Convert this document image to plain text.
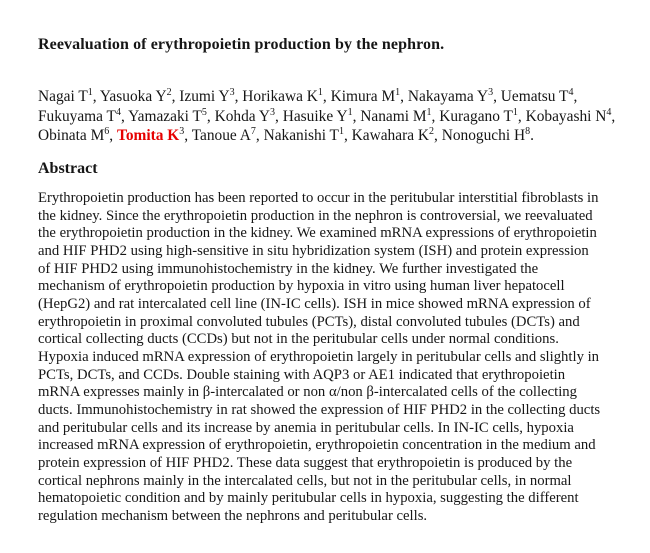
Reevaluation of erythropoietin production by the nephron.
Nagai $T^1$, Yasuoka $Y^2$, Izumi $Y^3$, Horikawa $K^1$, Kimura $M^1$, Nakayama $Y^3$, Uematsu $T^4$,
Fukuyama $T^4$, Yamazaki $T^5$, Kohda $Y^3$, Hasuike $Y^1$, Nanami $M^1$, Kuragano $T^1$, Kobayashi $N^4$,
Obinata $M^6$, Tomita $K^3$, Tanoue $A^7$, Nakanishi $T^1$, Kawahara $K^2$, Nonoguchi $H^8$.
Abstract
Erythropoietin production has been reported to occur in the peritubular interstitial fibroblasts in
the kidney. Since the erythropoietin production in the nephron is controversial, we reevaluated
the erythropoietin production in the kidney. We examined mRNA expressions of erythropoietin
and HIF PHD2 using high-sensitive in situ hybridization system (ISH) and protein expression
of HIF PHD2 using immunohistochemistry in the kidney. We further investigated the
mechanism of erythropoietin production by hypoxia in vitro using human liver hepatocell
(HepG2) and rat intercalated cell line (IN-IC cells). ISH in mice showed mRNA expression of
erythropoietin in proximal convoluted tubules (PCTs), distal convoluted tubules (DCTs) and
cortical collecting ducts (CCDs) but not in the peritubular cells under normal conditions.
Hypoxia induced mRNA expression of erythropoietin largely in peritubular cells and slightly in
PCTs, DCTs, and CCDs. Double staining with AQP3 or AE1 indicated that erythropoietin
mRNA expresses mainly in β-intercalated or non α/non β-intercalated cells of the collecting
ducts. Immunohistochemistry in rat showed the expression of HIF PHD2 in the collecting ducts
and peritubular cells and its increase by anemia in peritubular cells. In IN-IC cells, hypoxia
increased mRNA expression of erythropoietin, erythropoietin concentration in the medium and
protein expression of HIF PHD2. These data suggest that erythropoietin is produced by the
cortical nephrons mainly in the intercalated cells, but not in the peritubular cells, in normal
hematopoietic condition and by mainly peritubular cells in hypoxia, suggesting the different
regulation mechanism between the nephrons and peritubular cells.
